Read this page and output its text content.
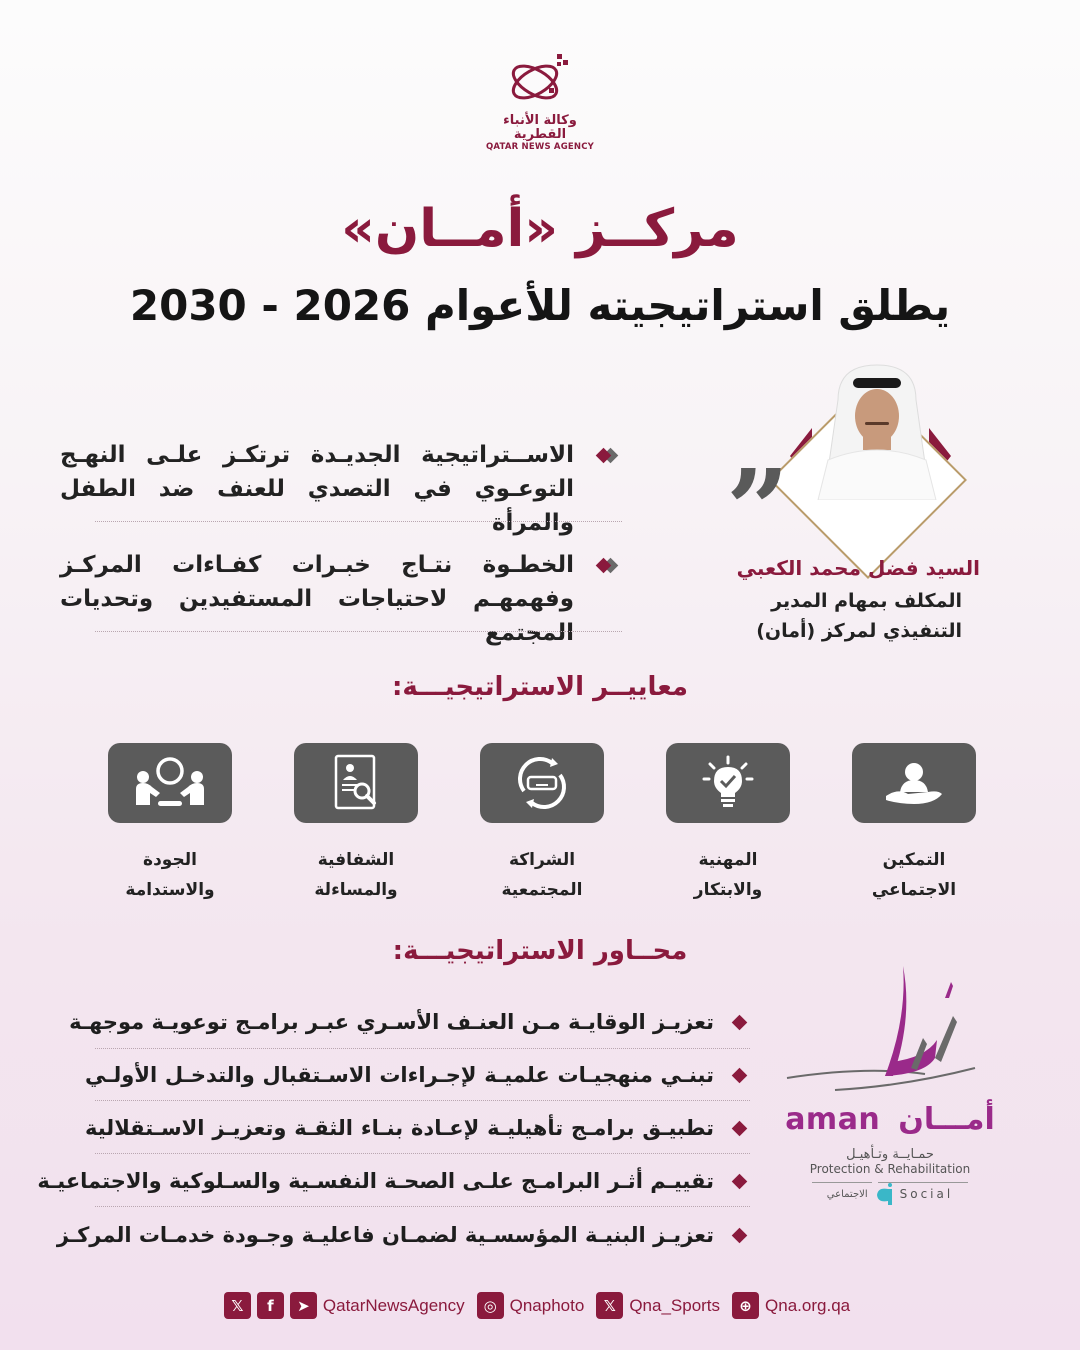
وكالة الأنباء القطرية
QATAR NEWS AGENCY
مركــز «أمــان»
يطلق استراتيجيته للأعوام 2026 - 2030
الاســتراتيجية الجديـدة ترتكـز علـى النهـج التوعـوي في التصدي للعنف ضد الطفل والمرأة
الخطـوة نتـاج خبـرات كفـاءات المركـز وفهمهـم لاحتياجات المستفيدين وتحديات المجتمع
”
السيد فضل محمد الكعبي
المكلف بمهام المدير
التنفيذي لمركز (أمان)
معاييــر الاستراتيجيـــة:
التمكين
الاجتماعي
المهنية
والابتكار
الشراكة
المجتمعية
الشفافية
والمساءلة
الجودة
والاستدامة
محــاور الاستراتيجيـــة:
تعزيـز الوقايـة مـن العنـف الأسـري عبـر برامـج توعويـة موجهـة
تبنـي منهجيـات علميـة لإجـراءات الاسـتقبال والتدخـل الأولـي
تطبيـق برامـج تأهيليـة لإعـادة بنـاء الثقـة وتعزيـز الاسـتقلالية
تقييـم أثـر البرامـج علـى الصحـة النفسـية والسـلوكية والاجتماعيـة
تعزيـز البنيـة المؤسسـية لضمـان فاعليـة وجـودة خدمـات المركـز
aman أمـــان
حمـايــة وتـأهيـل
Protection & Rehabilitation
الاجتماعي	Social
𝕏	f	➤ QatarNewsAgency	◎ Qnaphoto	𝕏 Qna_Sports	⊕ Qna.org.qa
